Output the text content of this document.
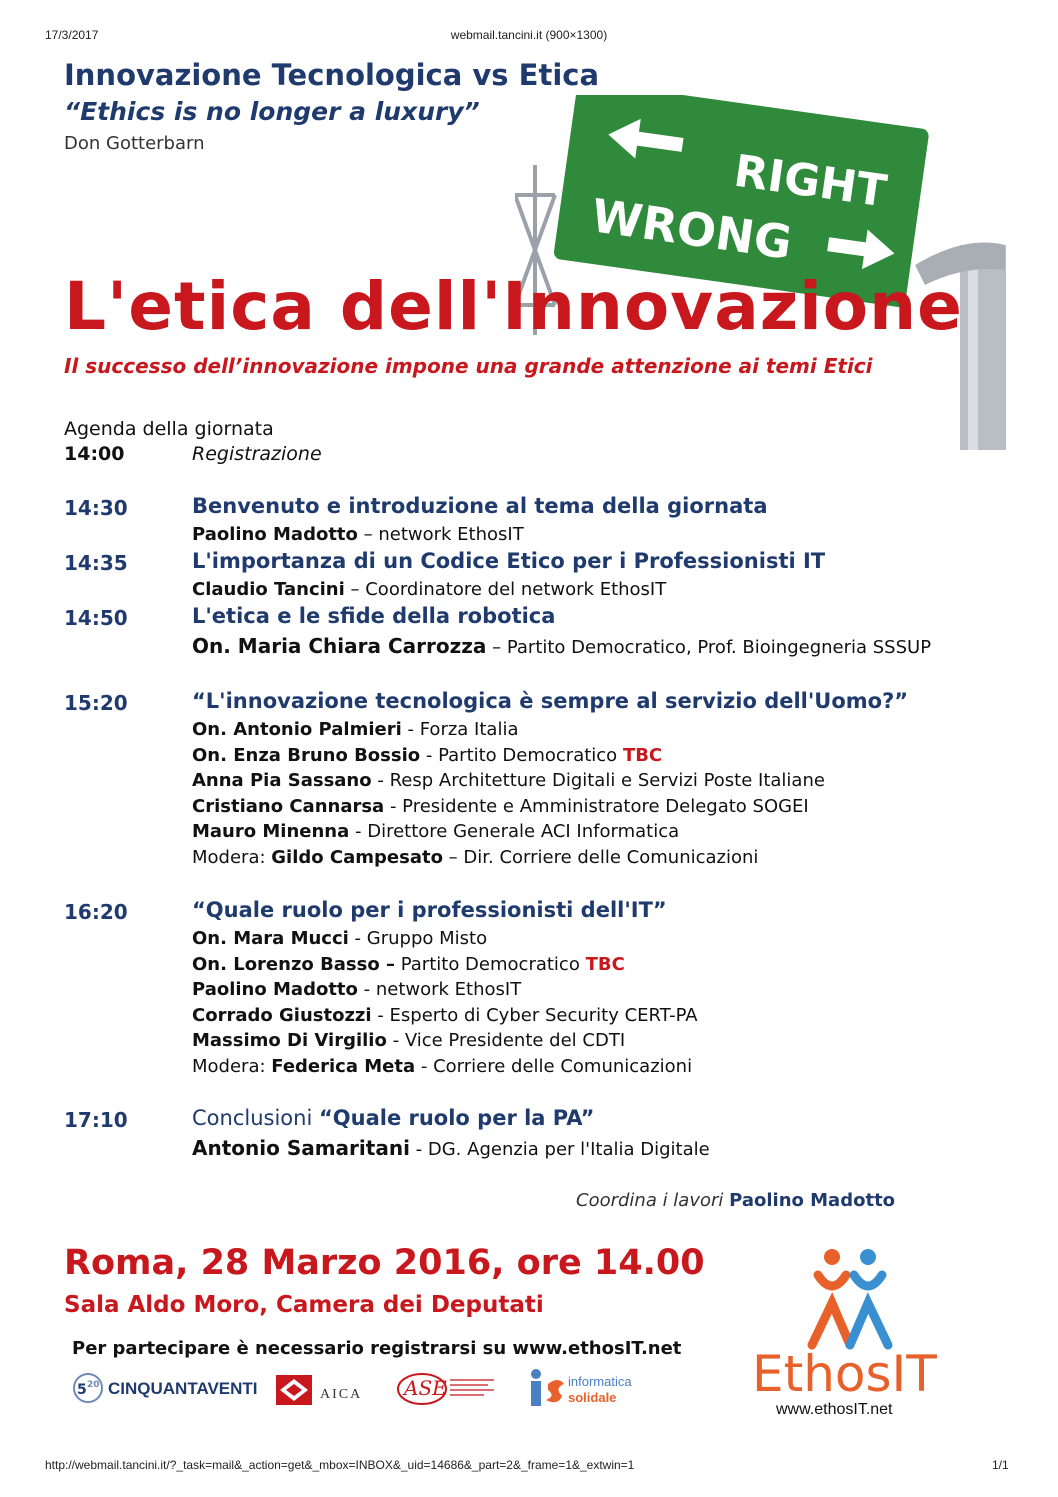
17/3/2017	webmail.tancini.it (900×1300)
http://webmail.tancini.it/?_task=mail&_action=get&_mbox=INBOX&_uid=14686&_part=2&_frame=1&_extwin=1	1/1
RIGHT
WRONG
Innovazione Tecnologica vs Etica
“Ethics is no longer a luxury”
Don Gotterbarn
L'etica dell'Innovazione
Il successo dell’innovazione impone una grande attenzione ai temi Etici
Agenda della giornata
14:00	Registrazione
14:30	Benvenuto e introduzione al tema della giornata
Paolino Madotto – network EthosIT
14:35	L'importanza di un Codice Etico per i Professionisti IT
Claudio Tancini – Coordinatore del network EthosIT
14:50	L'etica e le sfide della robotica
On. Maria Chiara Carrozza – Partito Democratico, Prof. Bioingegneria SSSUP
15:20	“L'innovazione tecnologica è sempre al servizio dell'Uomo?”
On. Antonio Palmieri - Forza Italia
On. Enza Bruno Bossio - Partito Democratico TBC
Anna Pia Sassano - Resp Architetture Digitali e Servizi Poste Italiane
Cristiano Cannarsa - Presidente e Amministratore Delegato SOGEI
Mauro Minenna - Direttore Generale ACI Informatica
Modera: Gildo Campesato – Dir. Corriere delle Comunicazioni
16:20	“Quale ruolo per i professionisti dell'IT”
On. Mara Mucci - Gruppo Misto
On. Lorenzo Basso – Partito Democratico TBC
Paolino Madotto - network EthosIT
Corrado Giustozzi - Esperto di Cyber Security CERT-PA
Massimo Di Virgilio - Vice Presidente del CDTI
Modera: Federica Meta - Corriere delle Comunicazioni
17:10	Conclusioni “Quale ruolo per la PA”
Antonio Samaritani - DG. Agenzia per l'Italia Digitale
Coordina i lavori Paolino Madotto
Roma, 28 Marzo 2016, ore 14.00
Sala Aldo Moro, Camera dei Deputati
Per partecipare è necessario registrarsi su www.ethosIT.net
5 20 CINQUANTAVENTI	AICA ASE	informatica
solidale	EthosIT
www.ethosIT.net
